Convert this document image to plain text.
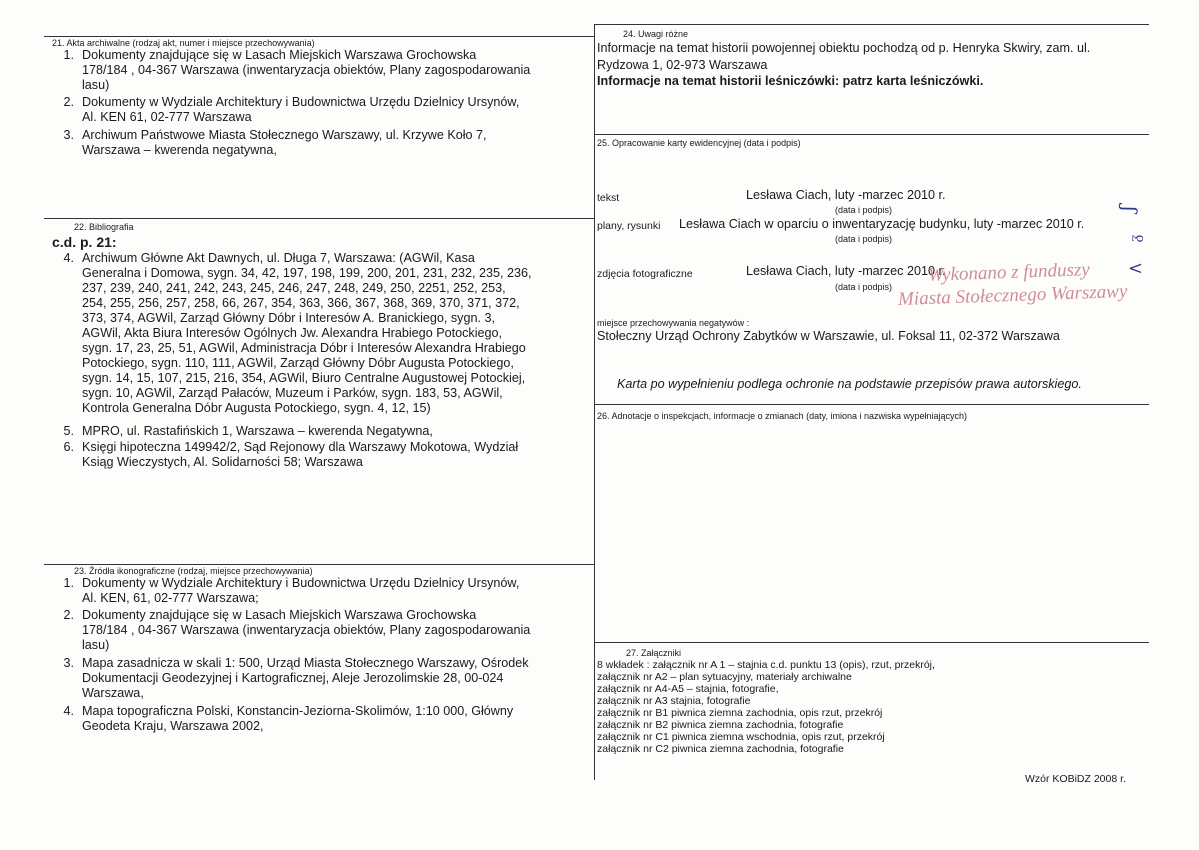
21. Akta archiwalne (rodzaj akt, numer i miejsce przechowywania)
1. Dokumenty znajdujące się w Lasach Miejskich Warszawa Grochowska
178/184 , 04-367 Warszawa (inwentaryzacja obiektów, Plany zagospodarowania
lasu)
2. Dokumenty w Wydziale Architektury i Budownictwa Urzędu Dzielnicy Ursynów,
Al. KEN 61, 02-777 Warszawa
3. Archiwum Państwowe Miasta Stołecznego Warszawy, ul. Krzywe Koło 7,
Warszawa – kwerenda negatywna,
22. Bibliografia
c.d. p. 21:
4. Archiwum Główne Akt Dawnych, ul. Długa 7, Warszawa: (AGWil, Kasa
Generalna i Domowa, sygn. 34, 42, 197, 198, 199, 200, 201, 231, 232, 235, 236,
237, 239, 240, 241, 242, 243, 245, 246, 247, 248, 249, 250, 2251, 252, 253,
254, 255, 256, 257, 258, 66, 267, 354, 363, 366, 367, 368, 369, 370, 371, 372,
373, 374, AGWil, Zarząd Główny Dóbr i Interesów A. Branickiego, sygn. 3,
AGWil, Akta Biura Interesów Ogólnych Jw. Alexandra Hrabiego Potockiego,
sygn. 17, 23, 25, 51, AGWil, Administracja Dóbr i Interesów Alexandra Hrabiego
Potockiego, sygn. 110, 111, AGWil, Zarząd Główny Dóbr Augusta Potockiego,
sygn. 14, 15, 107, 215, 216, 354, AGWil, Biuro Centralne Augustowej Potockiej,
sygn. 10, AGWil, Zarząd Pałaców, Muzeum i Parków, sygn. 183, 53, AGWil,
Kontrola Generalna Dóbr Augusta Potockiego, sygn. 4, 12, 15)
5. MPRO, ul. Rastafińskich 1, Warszawa – kwerenda Negatywna,
6. Księgi hipoteczna 149942/2, Sąd Rejonowy dla Warszawy Mokotowa, Wydział
Ksiąg Wieczystych, Al. Solidarności 58; Warszawa
23. Źródła ikonograficzne (rodzaj, miejsce przechowywania)
1. Dokumenty w Wydziale Architektury i Budownictwa Urzędu Dzielnicy Ursynów,
Al. KEN, 61, 02-777 Warszawa;
2. Dokumenty znajdujące się w Lasach Miejskich Warszawa Grochowska
178/184 , 04-367 Warszawa (inwentaryzacja obiektów, Plany zagospodarowania
lasu)
3. Mapa zasadnicza w skali 1: 500, Urząd Miasta Stołecznego Warszawy, Ośrodek
Dokumentacji Geodezyjnej i Kartograficznej, Aleje Jerozolimskie 28, 00-024
Warszawa,
4. Mapa topograficzna Polski, Konstancin-Jeziorna-Skolimów, 1:10 000, Główny
Geodeta Kraju, Warszawa 2002,
24. Uwagi różne
Informacje na temat historii powojennej obiektu pochodzą od p. Henryka Skwiry, zam. ul.
Rydzowa 1, 02-973 Warszawa
Informacje na temat historii leśniczówki: patrz karta leśniczówki.
25. Opracowanie karty ewidencyjnej (data i podpis)
tekst	Lesława Ciach, luty -marzec 2010 r.
(data i podpis)
plany, rysunki Lesława Ciach w oparciu o inwentaryzację budynku, luty -marzec 2010 r.
(data i podpis)
zdjęcia fotograficzne	Lesława Ciach, luty -marzec 2010 r.
(data i podpis)
Wykonano z funduszy
Miasta Stołecznego Warszawy
miejsce przechowywania negatywów :
Stołeczny Urząd Ochrony Zabytków w Warszawie, ul. Foksal 11, 02-372 Warszawa
Karta po wypełnieniu podlega ochronie na podstawie przepisów prawa autorskiego.
ʃ
ᵹ
<
26. Adnotacje o inspekcjach, informacje o zmianach (daty, imiona i nazwiska wypełniających)
27. Załączniki
8 wkładek : załącznik nr A 1 – stajnia c.d. punktu 13 (opis), rzut, przekrój,
załącznik nr A2 – plan sytuacyjny, materiały archiwalne
załącznik nr A4-A5 – stajnia, fotografie,
załącznik nr A3 stajnia, fotografie
załącznik nr B1 piwnica ziemna zachodnia, opis rzut, przekrój
załącznik nr B2 piwnica ziemna zachodnia, fotografie
załącznik nr C1 piwnica ziemna wschodnia, opis rzut, przekrój
załącznik nr C2 piwnica ziemna zachodnia, fotografie
Wzór KOBiDZ 2008 r.
